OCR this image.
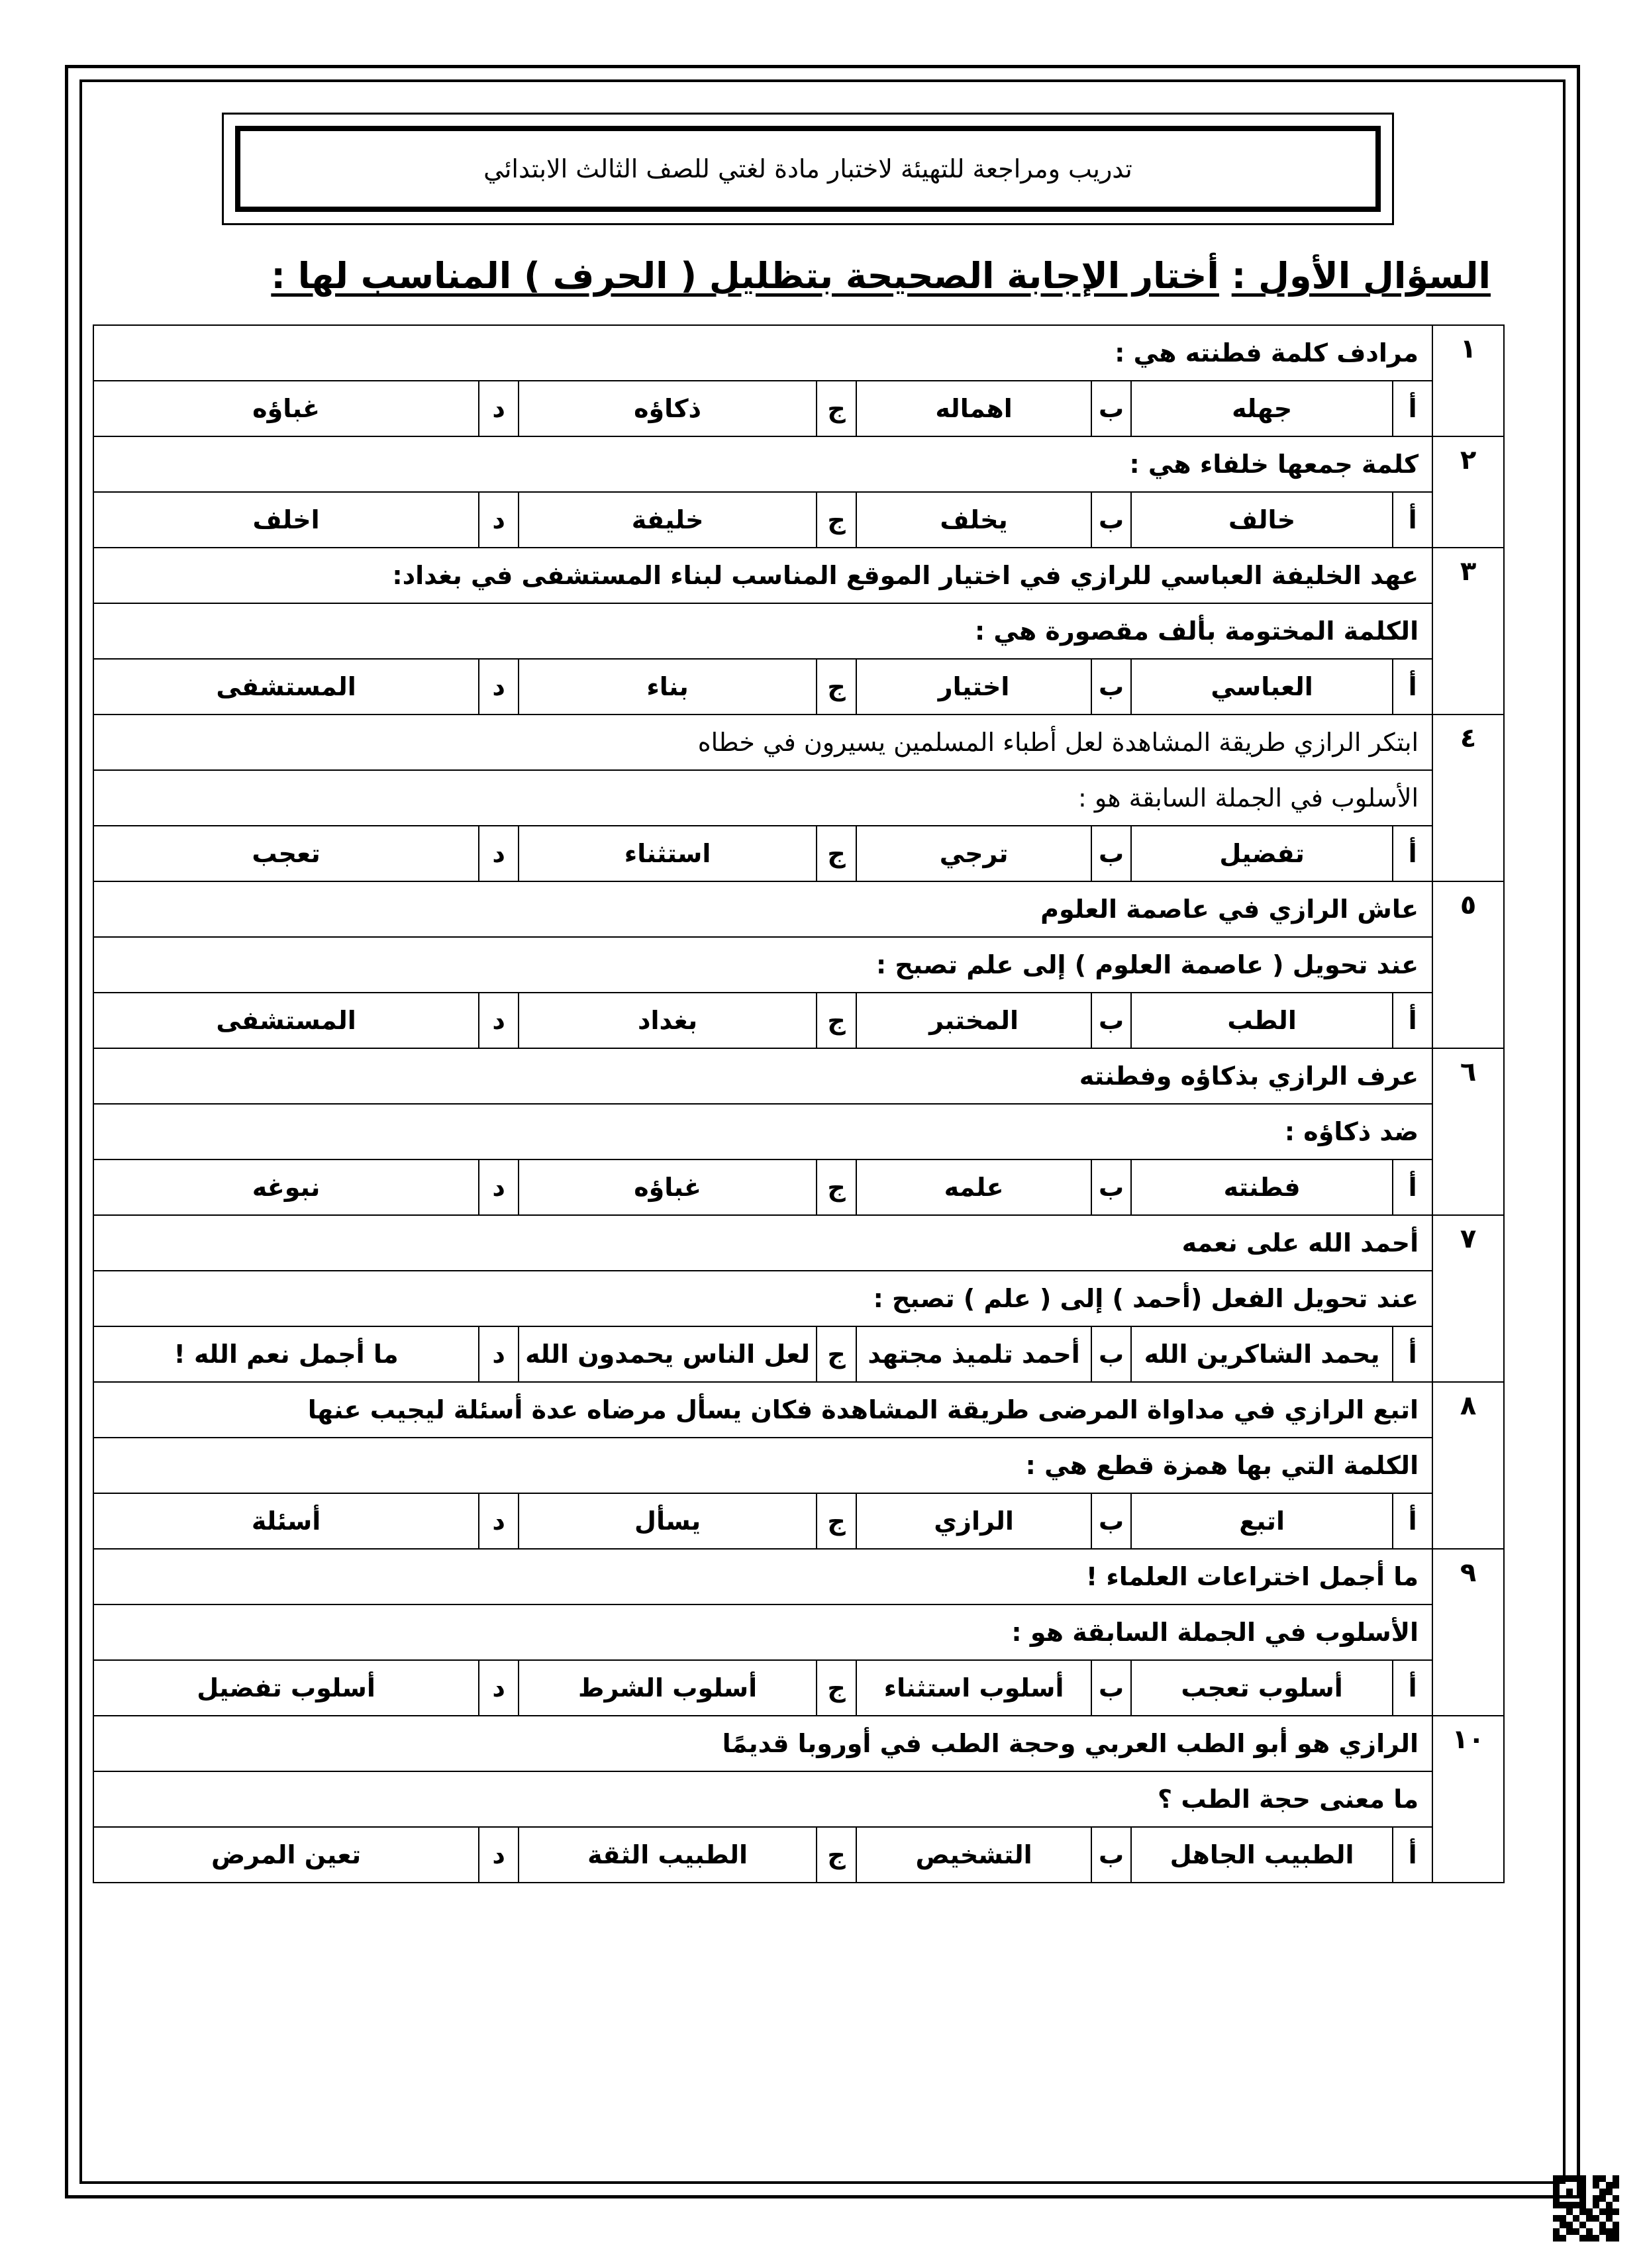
تدريب ومراجعة للتهيئة لاختبار مادة لغتي للصف الثالث الابتدائي
السؤال الأول : أختار الإجابة الصحيحة بتظليل ( الحرف ) المناسب لها :
١	مرادف كلمة فطنته هي :							
	أ	جهله	ب	اهماله	ج	ذكاؤه	د	غباؤه
٢	كلمة جمعها خلفاء هي :							
	أ	خالف	ب	يخلف	ج	خليفة	د	اخلف
٣	عهد الخليفة العباسي للرازي في اختيار الموقع المناسب لبناء المستشفى في بغداد:							
	الكلمة المختومة بألف مقصورة هي :							
	أ	العباسي	ب	اختيار	ج	بناء	د	المستشفى
٤	ابتكر الرازي طريقة المشاهدة لعل أطباء المسلمين يسيرون في خطاه							
	الأسلوب في الجملة السابقة هو :							
	أ	تفضيل	ب	ترجي	ج	استثناء	د	تعجب
٥	عاش الرازي في عاصمة العلوم							
	عند تحويل ( عاصمة العلوم ) إلى علم تصبح :							
	أ	الطب	ب	المختبر	ج	بغداد	د	المستشفى
٦	عرف الرازي بذكاؤه وفطنته							
	ضد ذكاؤه :							
	أ	فطنته	ب	علمه	ج	غباؤه	د	نبوغه
٧	أحمد الله على نعمه							
	عند تحويل الفعل (أحمد ) إلى ( علم ) تصبح :							
	أ	يحمد الشاكرين الله	ب	أحمد تلميذ مجتهد	ج	لعل الناس يحمدون الله	د	ما أجمل نعم الله !
٨	اتبع الرازي في مداواة المرضى طريقة المشاهدة فكان يسأل مرضاه عدة أسئلة ليجيب عنها							
	الكلمة التي بها همزة قطع هي :							
	أ	اتبع	ب	الرازي	ج	يسأل	د	أسئلة
٩	ما أجمل اختراعات العلماء !							
	الأسلوب في الجملة السابقة هو :							
	أ	أسلوب تعجب	ب	أسلوب استثناء	ج	أسلوب الشرط	د	أسلوب تفضيل
١٠	الرازي هو أبو الطب العربي وحجة الطب في أوروبا قديمًا							
	ما معنى حجة الطب ؟							
	أ	الطبيب الجاهل	ب	التشخيص	ج	الطبيب الثقة	د	تعين المرض
